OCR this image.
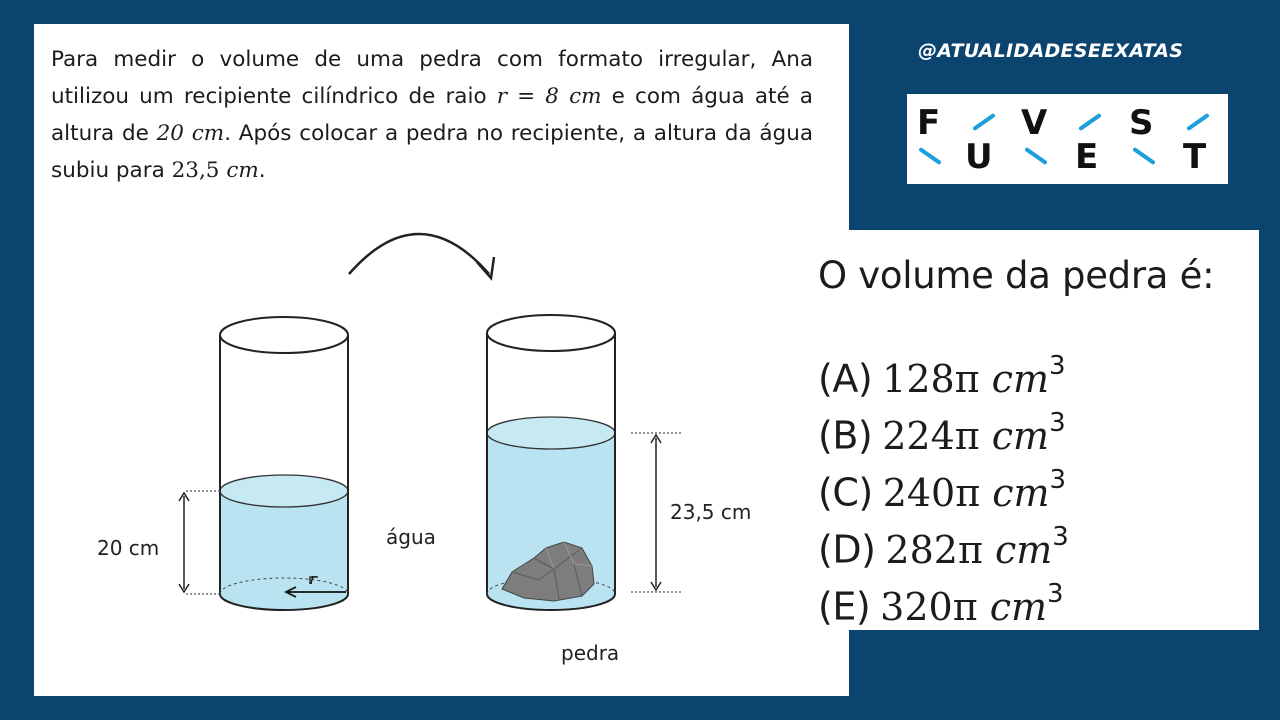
Para medir o volume de uma pedra com formato irregular, Ana utilizou um recipiente cilíndrico de raio r = 8 cm e com água até a altura de 20 cm. Após colocar a pedra no recipiente, a altura da água subiu para 23,5 cm.
r
20 cm	água
23,5 cm
pedra
@ATUALIDADESEEXATAS
F V S
U E T
O volume da pedra é:
(A) 128π $cm^3$
(B) 224π $cm^3$
(C) 240π $cm^3$
(D) 282π $cm^3$
(E) 320π $cm^3$
